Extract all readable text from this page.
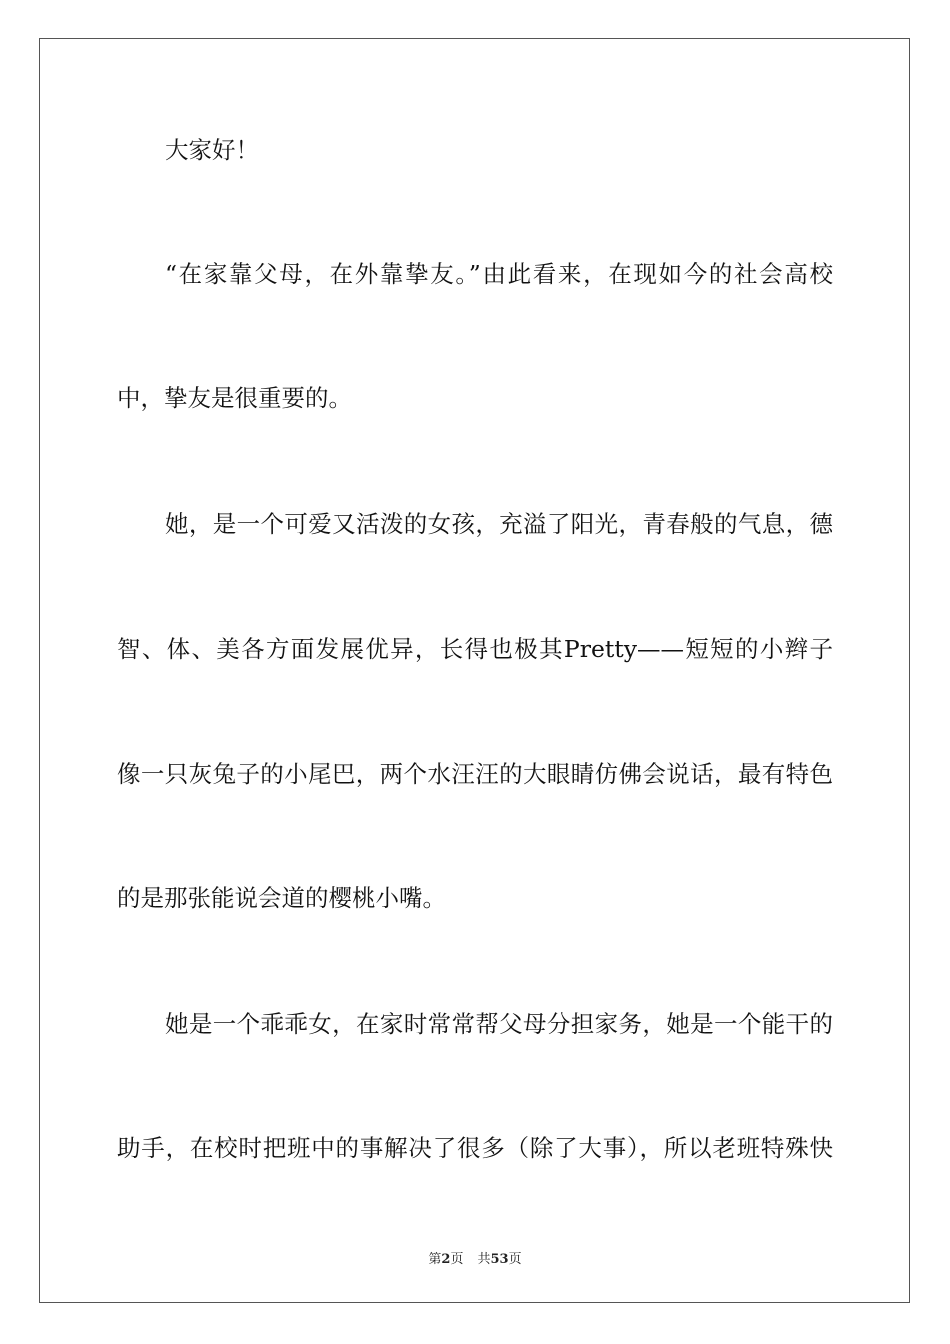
大家好！
“在家靠父母，在外靠挚友。”由此看来，在现如今的社会高校
中，挚友是很重要的。
她，是一个可爱又活泼的女孩，充溢了阳光，青春般的气息，德
智、体、美各方面发展优异，长得也极其Pretty——短短的小辫子
像一只灰兔子的小尾巴，两个水汪汪的大眼睛仿佛会说话，最有特色
的是那张能说会道的樱桃小嘴。
她是一个乖乖女，在家时常常帮父母分担家务，她是一个能干的
助手，在校时把班中的事解决了很多（除了大事），所以老班特殊快
第2页 共53页
